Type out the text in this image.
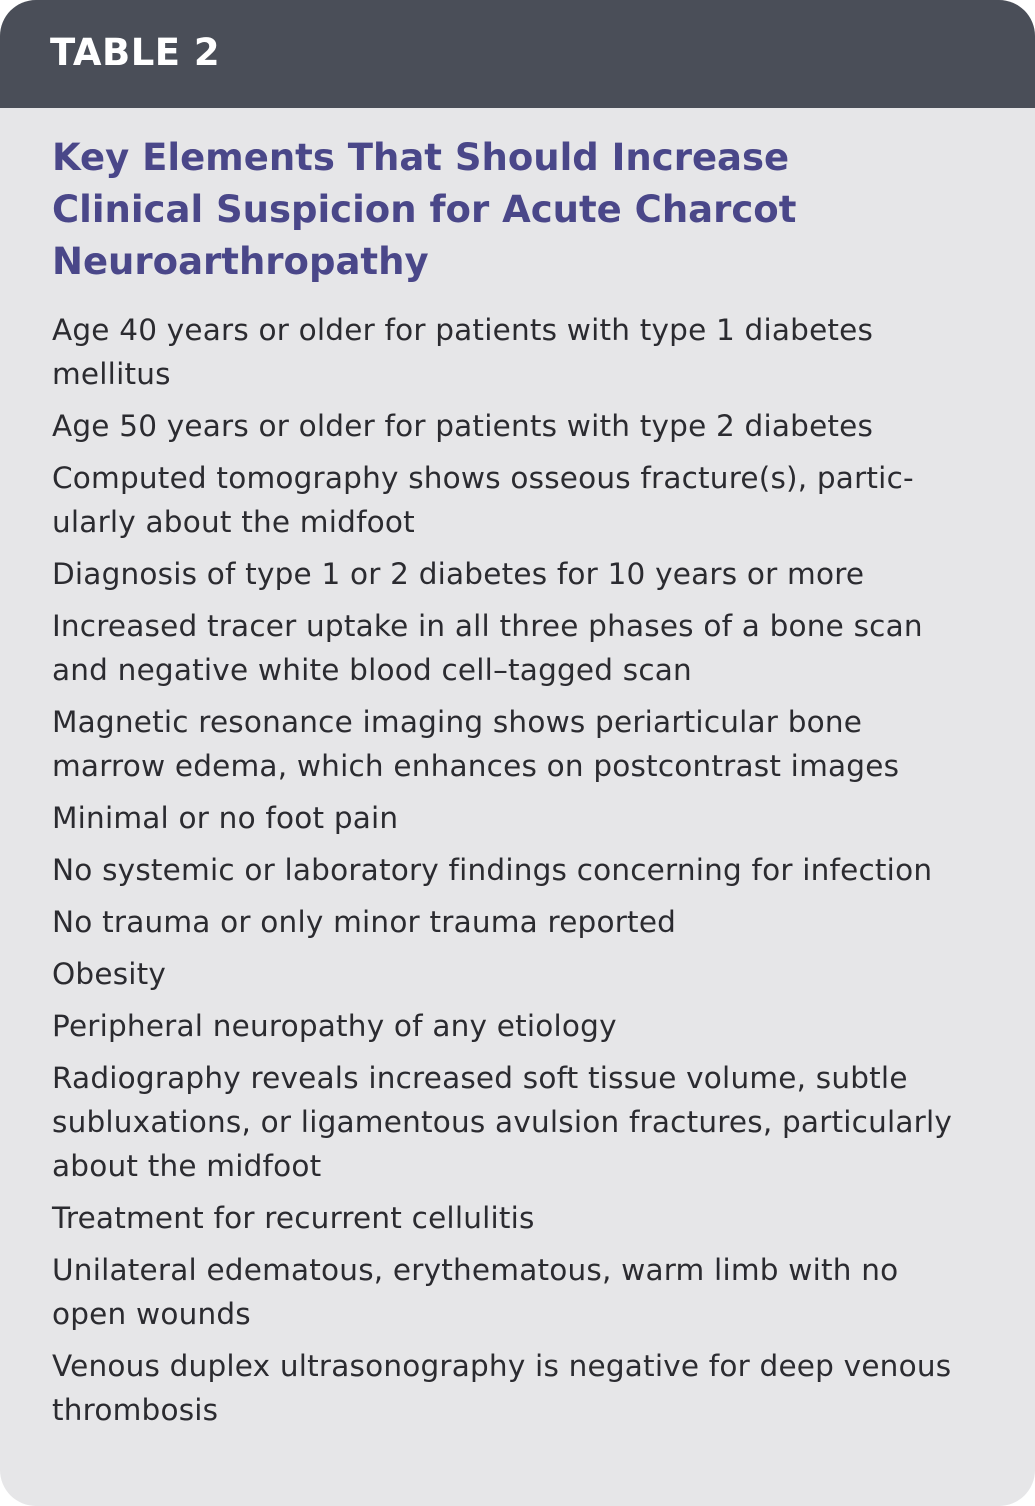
TABLE 2
Key Elements That Should Increase Clinical Suspicion for Acute Charcot Neuroarthropathy
Age 40 years or older for patients with type 1 diabetes mellitus
Age 50 years or older for patients with type 2 diabetes
Computed tomography shows osseous fracture(s), particularly about the midfoot
Diagnosis of type 1 or 2 diabetes for 10 years or more
Increased tracer uptake in all three phases of a bone scan and negative white blood cell–tagged scan
Magnetic resonance imaging shows periarticular bone marrow edema, which enhances on postcontrast images
Minimal or no foot pain
No systemic or laboratory findings concerning for infection
No trauma or only minor trauma reported
Obesity
Peripheral neuropathy of any etiology
Radiography reveals increased soft tissue volume, subtle subluxations, or ligamentous avulsion fractures, particularly about the midfoot
Treatment for recurrent cellulitis
Unilateral edematous, erythematous, warm limb with no open wounds
Venous duplex ultrasonography is negative for deep venous thrombosis
